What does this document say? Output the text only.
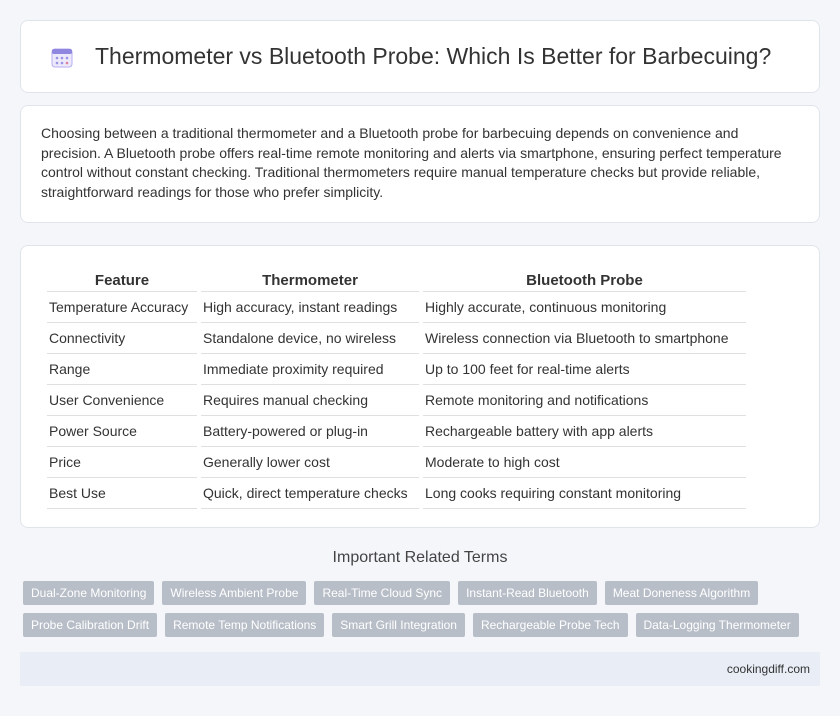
Thermometer vs Bluetooth Probe: Which Is Better for Barbecuing?

Choosing between a traditional thermometer and a Bluetooth probe for barbecuing depends on convenience and precision. A Bluetooth probe offers real-time remote monitoring and alerts via smartphone, ensuring perfect temperature control without constant checking. Traditional thermometers require manual temperature checks but provide reliable, straightforward readings for those who prefer simplicity.

Feature	Thermometer	Bluetooth Probe
Temperature Accuracy	High accuracy, instant readings	Highly accurate, continuous monitoring
Connectivity	Standalone device, no wireless	Wireless connection via Bluetooth to smartphone
Range	Immediate proximity required	Up to 100 feet for real-time alerts
User Convenience	Requires manual checking	Remote monitoring and notifications
Power Source	Battery-powered or plug-in	Rechargeable battery with app alerts
Price	Generally lower cost	Moderate to high cost
Best Use	Quick, direct temperature checks	Long cooks requiring constant monitoring
Important Related Terms
Dual-Zone Monitoring	Wireless Ambient Probe	Real-Time Cloud Sync	Instant-Read Bluetooth	Meat Doneness Algorithm
Probe Calibration Drift	Remote Temp Notifications	Smart Grill Integration	Rechargeable Probe Tech	Data-Logging Thermometer
cookingdiff.com
